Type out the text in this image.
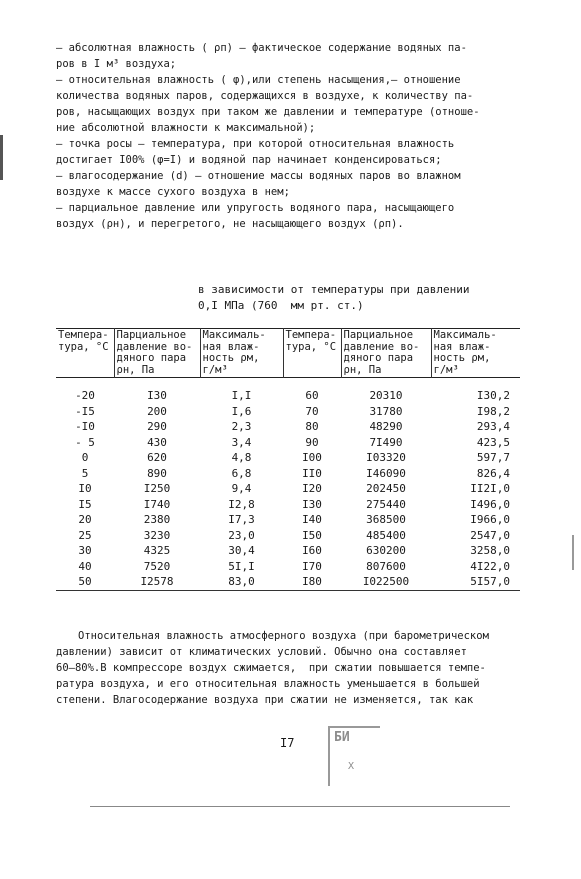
– абсолютная влажность ( ρп) – фактическое содержание водяных па-
ров в I м³ воздуха;
– относительная влажность ( φ),или степень насыщения,– отношение
количества водяных паров, содержащихся в воздухе, к количеству па-
ров, насыщающих воздух при таком же давлении и температуре (отноше-
ние абсолютной влажности к максимальной);
– точка росы – температура, при которой относительная влажность
достигает I00% (φ=I) и водяной пар начинает конденсироваться;
– влагосодержание (d) – отношение массы водяных паров во влажном
воздухе к массе сухого воздуха в нем;
– парциальное давление или упругость водяного пара, насыщающего
воздух (ρн), и перегретого, не насыщающего воздух (ρп).

в зависимости от температуры при давлении
0,I МПа (760  мм рт. ст.)
Темпера-
тура, °C	Парциальное
давление во-
дяного пара
ρн, Па	Максималь-
ная влаж-
ность ρм,
г/м³	Темпера-
тура, °C	Парциальное
давление во-
дяного пара
ρн, Па	Максималь-
ная влаж-
ность ρм,
г/м³
-20	I30	I,I	60	20310	I30,2
-I5	200	I,6	70	31780	I98,2
-I0	290	2,3	80	48290	293,4
- 5	430	3,4	90	7I490	423,5
0	620	4,8	I00	I03320	597,7
5	890	6,8	II0	I46090	826,4
I0	I250	9,4	I20	202450	II2I,0
I5	I740	I2,8	I30	275440	I496,0
20	2380	I7,3	I40	368500	I966,0
25	3230	23,0	I50	485400	2547,0
30	4325	30,4	I60	630200	3258,0
40	7520	5I,I	I70	807600	4I22,0
50	I2578	83,0	I80	I022500	5I57,0
Относительная влажность атмосферного воздуха (при барометрическом
давлении) зависит от климатических условий. Обычно она составляет
60–80%.В компрессоре воздух сжимается,  при сжатии повышается темпе-
ратура воздуха, и его относительная влажность уменьшается в большей
степени. Влагосодержание воздуха при сжатии не изменяется, так как
I7	БИ
Х
